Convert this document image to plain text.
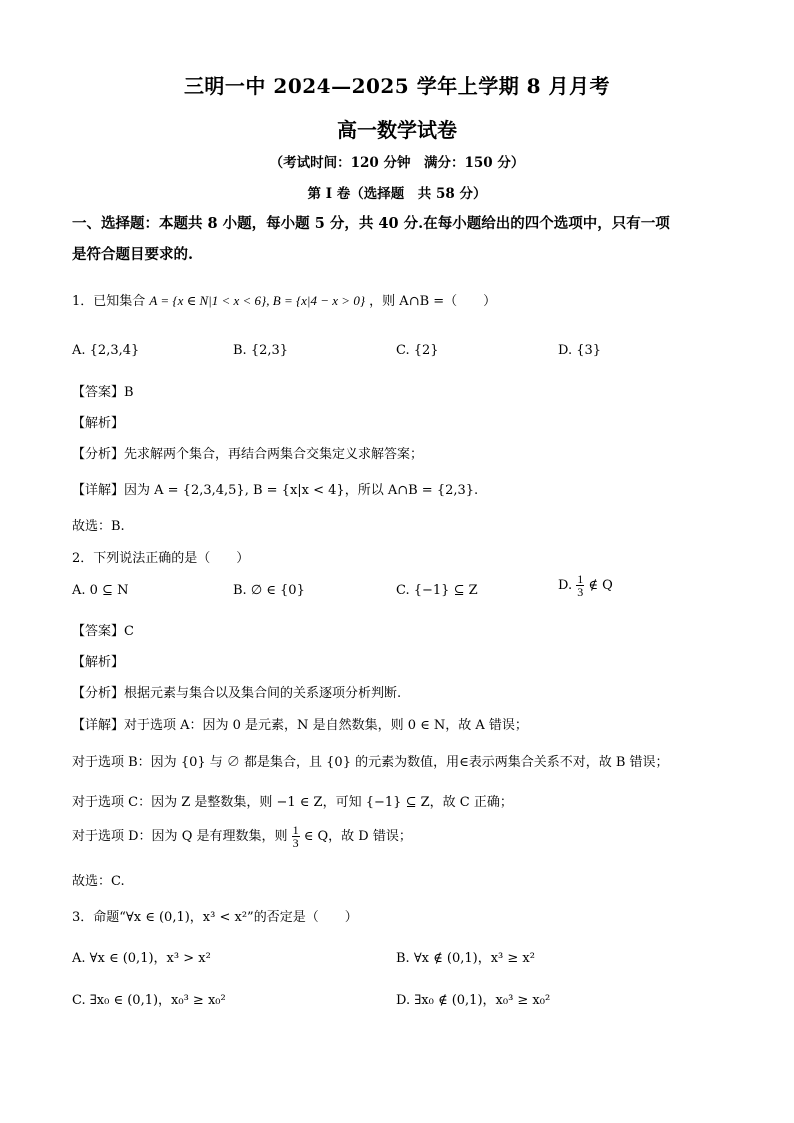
三明一中 2024—2025 学年上学期 8 月月考
高一数学试卷
（考试时间：120 分钟　满分：150 分）
第 I 卷（选择题　共 58 分）
一、选择题：本题共 8 小题，每小题 5 分，共 40 分.在每小题给出的四个选项中，只有一项
是符合题目要求的.
1．已知集合 A = {x ∈ N|1 < x < 6}, B = {x|4 − x > 0} ，则 A∩B =（　　）
A. {2,3,4}	B. {2,3}	C. {2}	D. {3}
【答案】B
【解析】
【分析】先求解两个集合，再结合两集合交集定义求解答案；
【详解】因为 A = {2,3,4,5}, B = {x|x < 4}，所以 A∩B = {2,3}.
故选：B.
2．下列说法正确的是（　　）
A. 0 ⊆ N	B. ∅ ∈ {0}	C. {−1} ⊆ Z	D. $\frac{1}{3}$ ∉ Q
【答案】C
【解析】
【分析】根据元素与集合以及集合间的关系逐项分析判断.
【详解】对于选项 A：因为 0 是元素，N 是自然数集，则 0 ∈ N，故 A 错误；
对于选项 B：因为 {0} 与 ∅ 都是集合，且 {0} 的元素为数值，用∈表示两集合关系不对，故 B 错误；
对于选项 C：因为 Z 是整数集，则 −1 ∈ Z，可知 {−1} ⊆ Z，故 C 正确；
对于选项 D：因为 Q 是有理数集，则 $\frac{1}{3}$ ∈ Q，故 D 错误；
故选：C.
3．命题“∀x ∈ (0,1)，x³ < x²”的否定是（　　）
A. ∀x ∈ (0,1)，x³ > x²	B. ∀x ∉ (0,1)，x³ ≥ x²
C. ∃x₀ ∈ (0,1)，x₀³ ≥ x₀²	D. ∃x₀ ∉ (0,1)，x₀³ ≥ x₀²
